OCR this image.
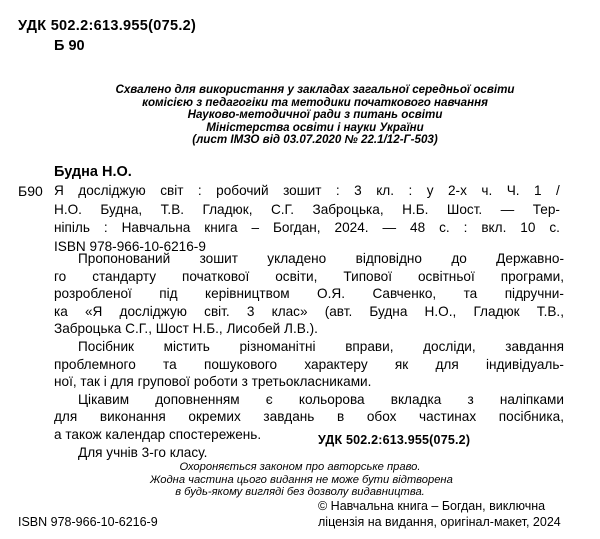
УДК 502.2:613.955(075.2)
Б 90
Схвалено для використання у закладах загальної середньої освіти
комісією з педагогіки та методики початкового навчання
Науково-методичної ради з питань освіти
Міністерства освіти і науки України
(лист ІМЗО від 03.07.2020 № 22.1/12-Г-503)
Будна Н.О.
Б90 Я досліджую світ : робочий зошит : 3 кл. : у 2-х ч. Ч. 1 /
Н.О. Будна, Т.В. Гладюк, С.Г. Заброцька, Н.Б. Шост. — Тер-
ніпіль : Навчальна книга – Богдан, 2024. — 48 с. : вкл. 10 с.
ISBN 978-966-10-6216-9
Пропонований зошит укладено відповідно до Державно-
го стандарту початкової освіти, Типової освітньої програми,
розробленої під керівництвом О.Я. Савченко, та підручни-
ка «Я досліджую світ. 3 клас» (авт. Будна Н.О., Гладюк Т.В.,
Заброцька С.Г., Шост Н.Б., Лисобей Л.В.).
Посібник містить різноманітні вправи, досліди, завдання
проблемного та пошукового характеру як для індивідуаль-
ної, так і для групової роботи з третьокласниками.
Цікавим доповненням є кольорова вкладка з наліпками
для виконання окремих завдань в обох частинах посібника,
а також календар спостережень.
Для учнів 3-го класу.
УДК 502.2:613.955(075.2)
Охороняється законом про авторське право.
Жодна частина цього видання не може бути відтворена
в будь-якому вигляді без дозволу видавництва.
ISBN 978-966-10-6216-9
© Навчальна книга – Богдан, виключна
ліцензія на видання, оригінал-макет, 2024
